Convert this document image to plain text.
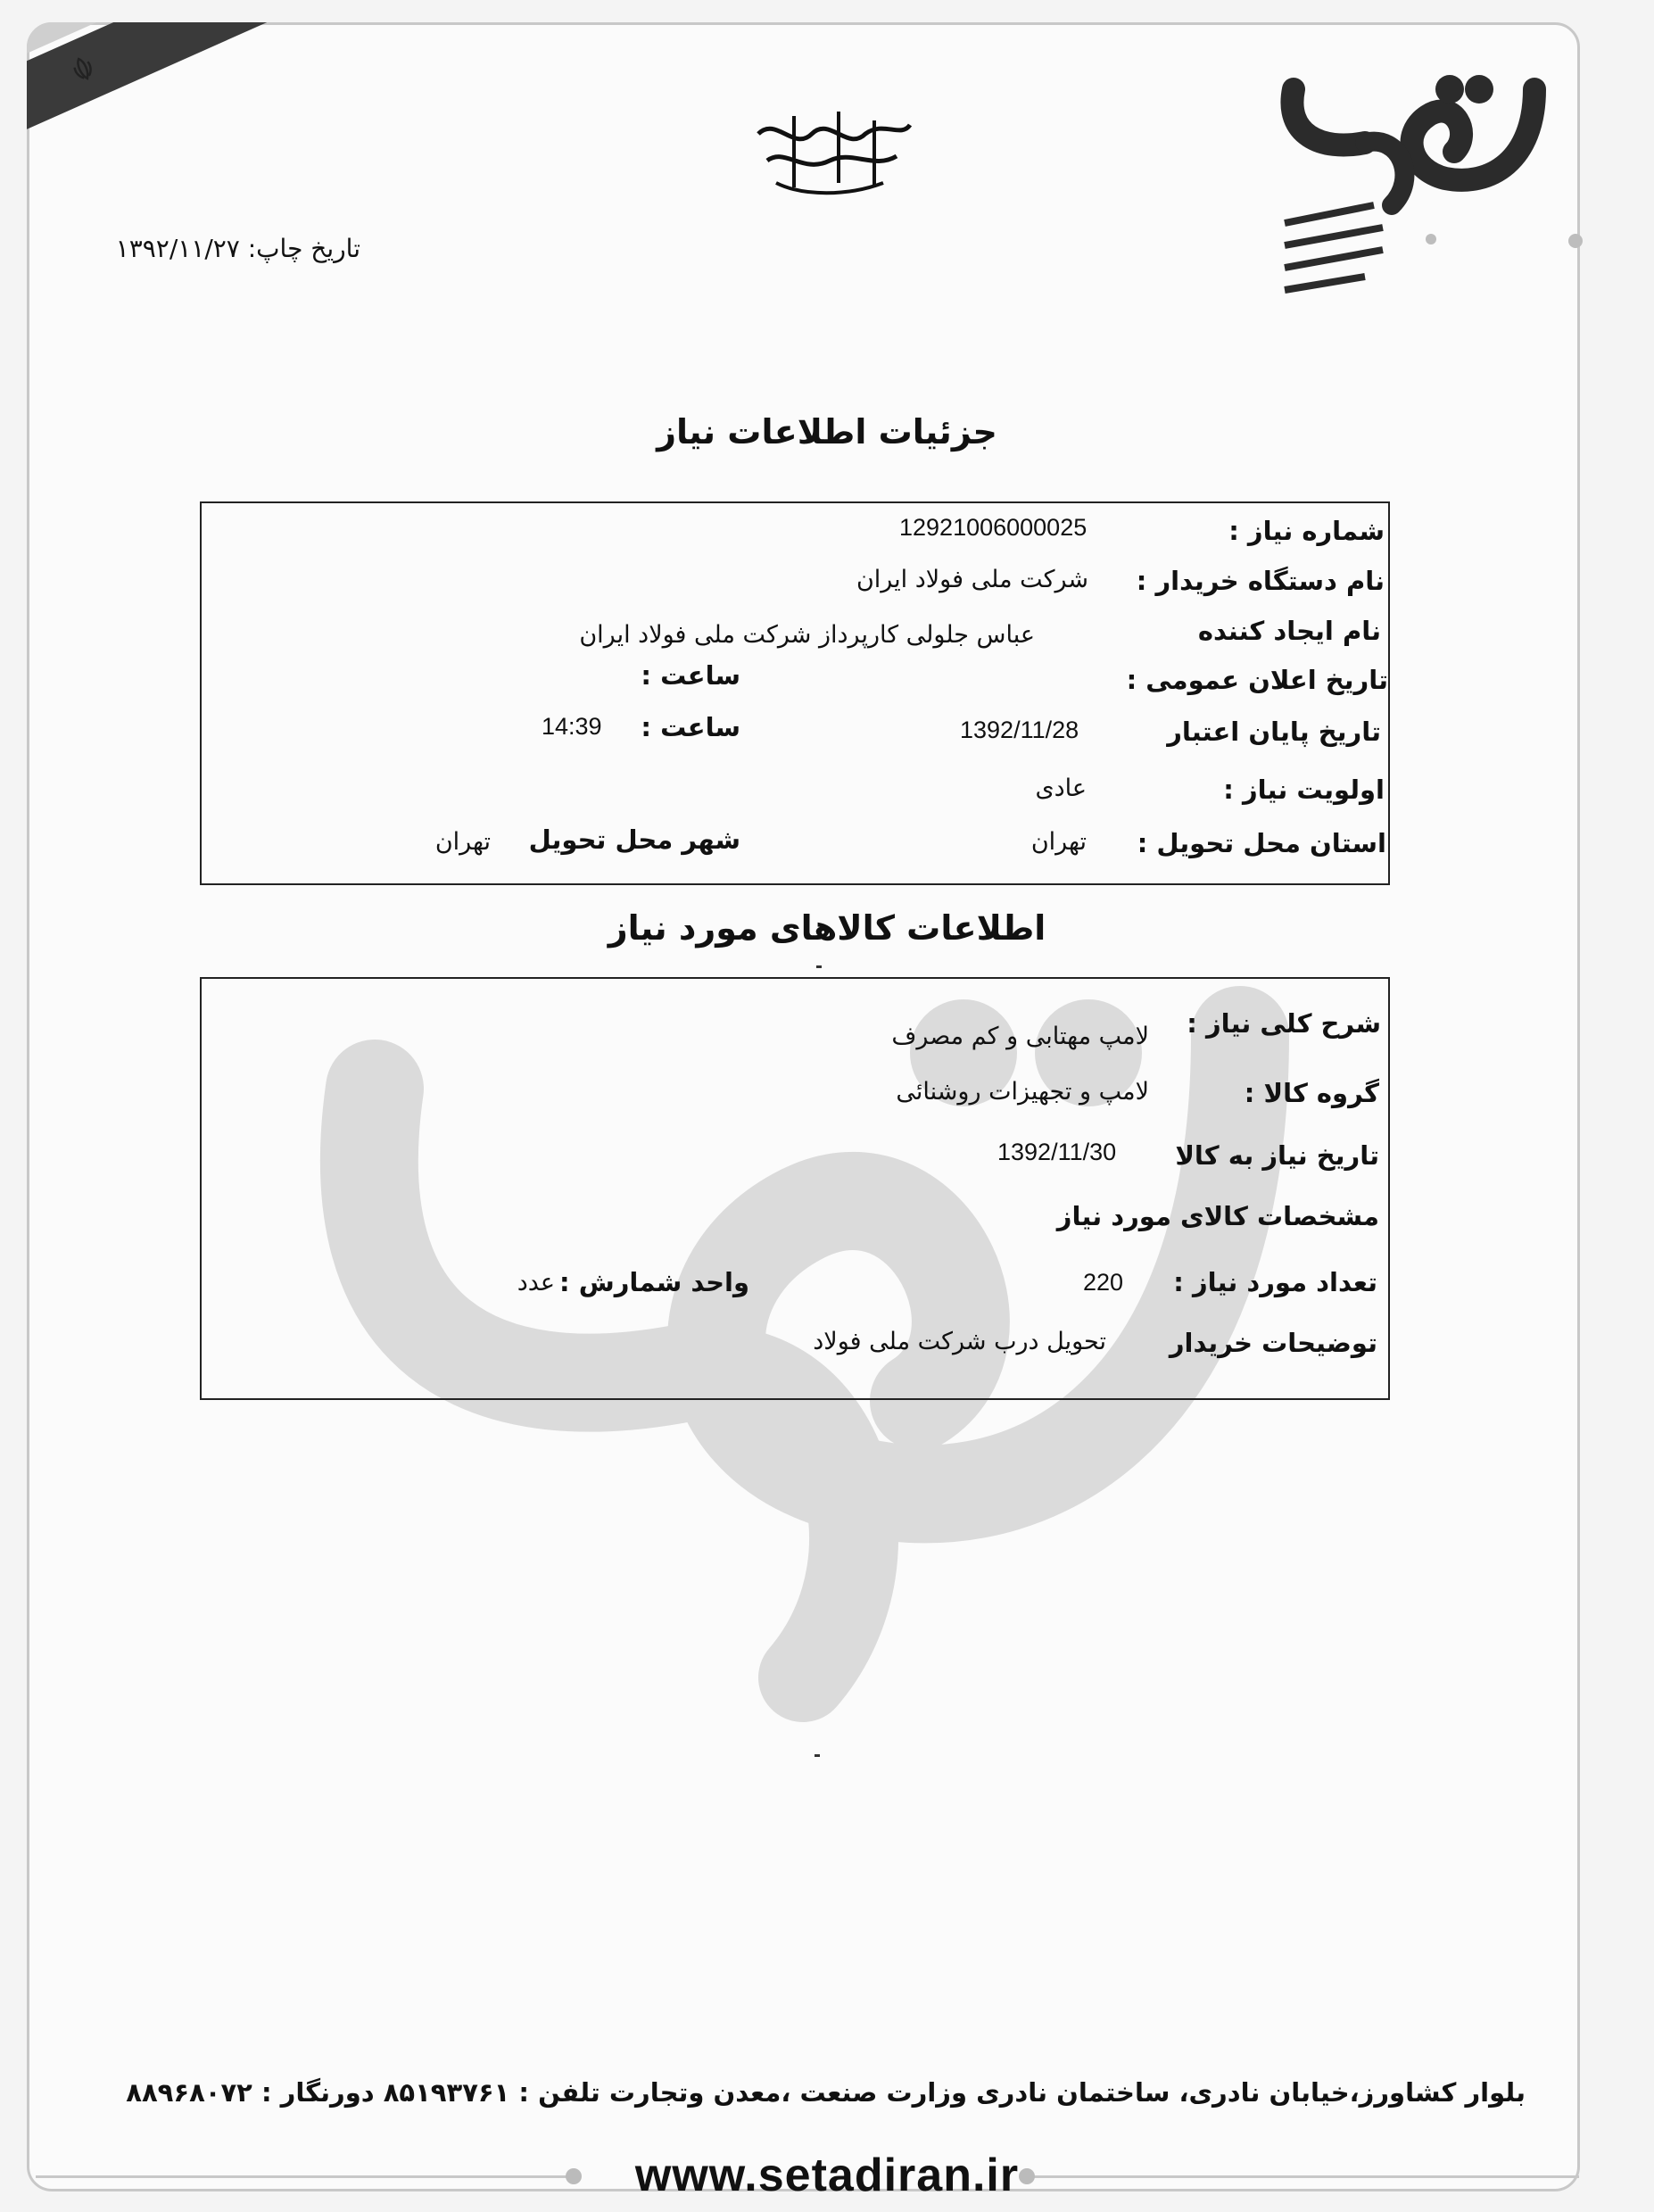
تاریخ چاپ: ۱۳۹۲/۱۱/۲۷
جزئیات اطلاعات نیاز
شماره نیاز :
12921006000025
نام دستگاه خریدار :
شرکت ملی فولاد ایران
نام ایجاد کننده
عباس جلولی کارپرداز شرکت ملی فولاد ایران
تاریخ اعلان عمومی :
ساعت :
تاریخ پایان اعتبار
1392/11/28
ساعت :
14:39
اولویت نیاز :
عادی
استان محل تحویل :
تهران
شهر محل تحویل
تهران
اطلاعات کالاهای مورد نیاز
شرح کلی نیاز :
لامپ مهتابی و کم مصرف
گروه کالا :
لامپ و تجهیزات روشنائی
تاریخ نیاز به کالا
1392/11/30
مشخصات کالای مورد نیاز
تعداد مورد نیاز :
220
واحد شمارش :
عدد
توضیحات خریدار
تحویل درب شرکت ملی فولاد
بلوار کشاورز،خیابان نادری، ساختمان نادری وزارت صنعت ،معدن وتجارت تلفن : ۸۵۱۹۳۷۶۱ دورنگار : ۸۸۹۶۸۰۷۲
www.setadiran.ir
